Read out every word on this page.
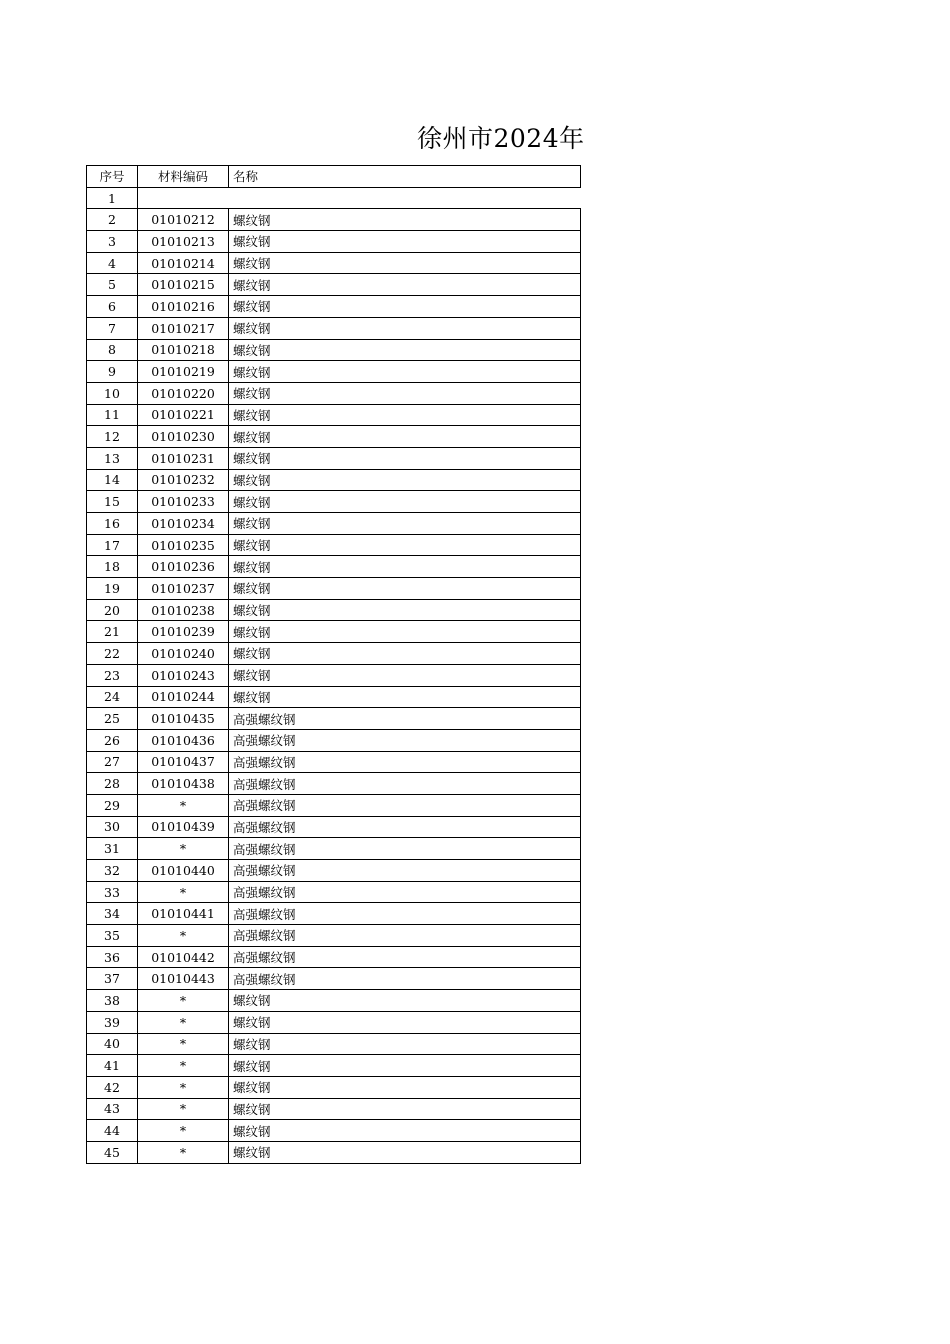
徐州市2024年
序号	材料编码	名称
1		
2	01010212	螺纹钢
3	01010213	螺纹钢
4	01010214	螺纹钢
5	01010215	螺纹钢
6	01010216	螺纹钢
7	01010217	螺纹钢
8	01010218	螺纹钢
9	01010219	螺纹钢
10	01010220	螺纹钢
11	01010221	螺纹钢
12	01010230	螺纹钢
13	01010231	螺纹钢
14	01010232	螺纹钢
15	01010233	螺纹钢
16	01010234	螺纹钢
17	01010235	螺纹钢
18	01010236	螺纹钢
19	01010237	螺纹钢
20	01010238	螺纹钢
21	01010239	螺纹钢
22	01010240	螺纹钢
23	01010243	螺纹钢
24	01010244	螺纹钢
25	01010435	高强螺纹钢
26	01010436	高强螺纹钢
27	01010437	高强螺纹钢
28	01010438	高强螺纹钢
29	*	高强螺纹钢
30	01010439	高强螺纹钢
31	*	高强螺纹钢
32	01010440	高强螺纹钢
33	*	高强螺纹钢
34	01010441	高强螺纹钢
35	*	高强螺纹钢
36	01010442	高强螺纹钢
37	01010443	高强螺纹钢
38	*	螺纹钢
39	*	螺纹钢
40	*	螺纹钢
41	*	螺纹钢
42	*	螺纹钢
43	*	螺纹钢
44	*	螺纹钢
45	*	螺纹钢
